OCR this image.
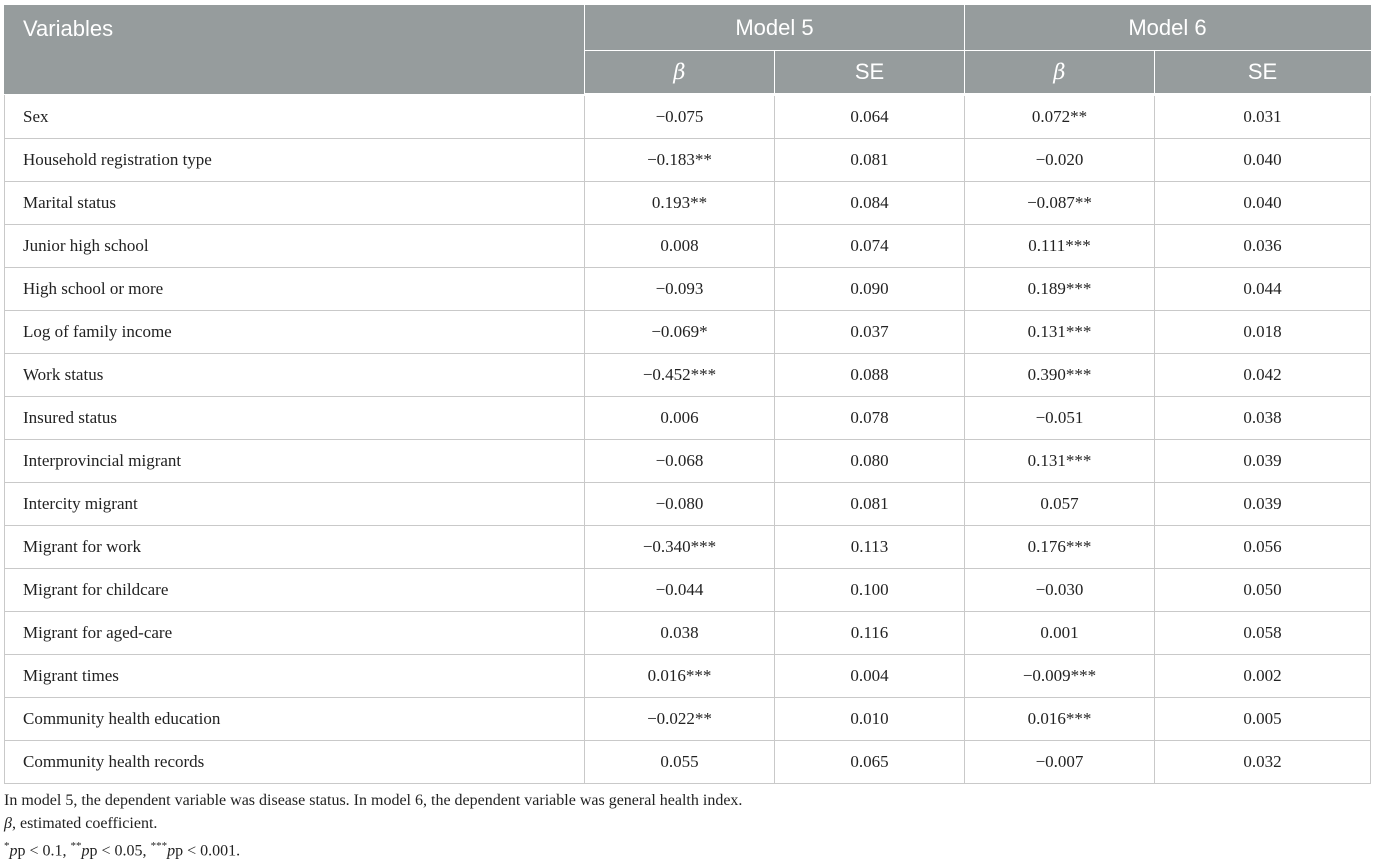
Variables	Model 5		Model 6	
	β	SE	β	SE
Sex	−0.075	0.064	0.072**	0.031
Household registration type	−0.183**	0.081	−0.020	0.040
Marital status	0.193**	0.084	−0.087**	0.040
Junior high school	0.008	0.074	0.111***	0.036
High school or more	−0.093	0.090	0.189***	0.044
Log of family income	−0.069*	0.037	0.131***	0.018
Work status	−0.452***	0.088	0.390***	0.042
Insured status	0.006	0.078	−0.051	0.038
Interprovincial migrant	−0.068	0.080	0.131***	0.039
Intercity migrant	−0.080	0.081	0.057	0.039
Migrant for work	−0.340***	0.113	0.176***	0.056
Migrant for childcare	−0.044	0.100	−0.030	0.050
Migrant for aged-care	0.038	0.116	0.001	0.058
Migrant times	0.016***	0.004	−0.009***	0.002
Community health education	−0.022**	0.010	0.016***	0.005
Community health records	0.055	0.065	−0.007	0.032
In model 5, the dependent variable was disease status. In model 6, the dependent variable was general health index.
β, estimated coefficient.
*pp < 0.1, **pp < 0.05, ***pp < 0.001.
